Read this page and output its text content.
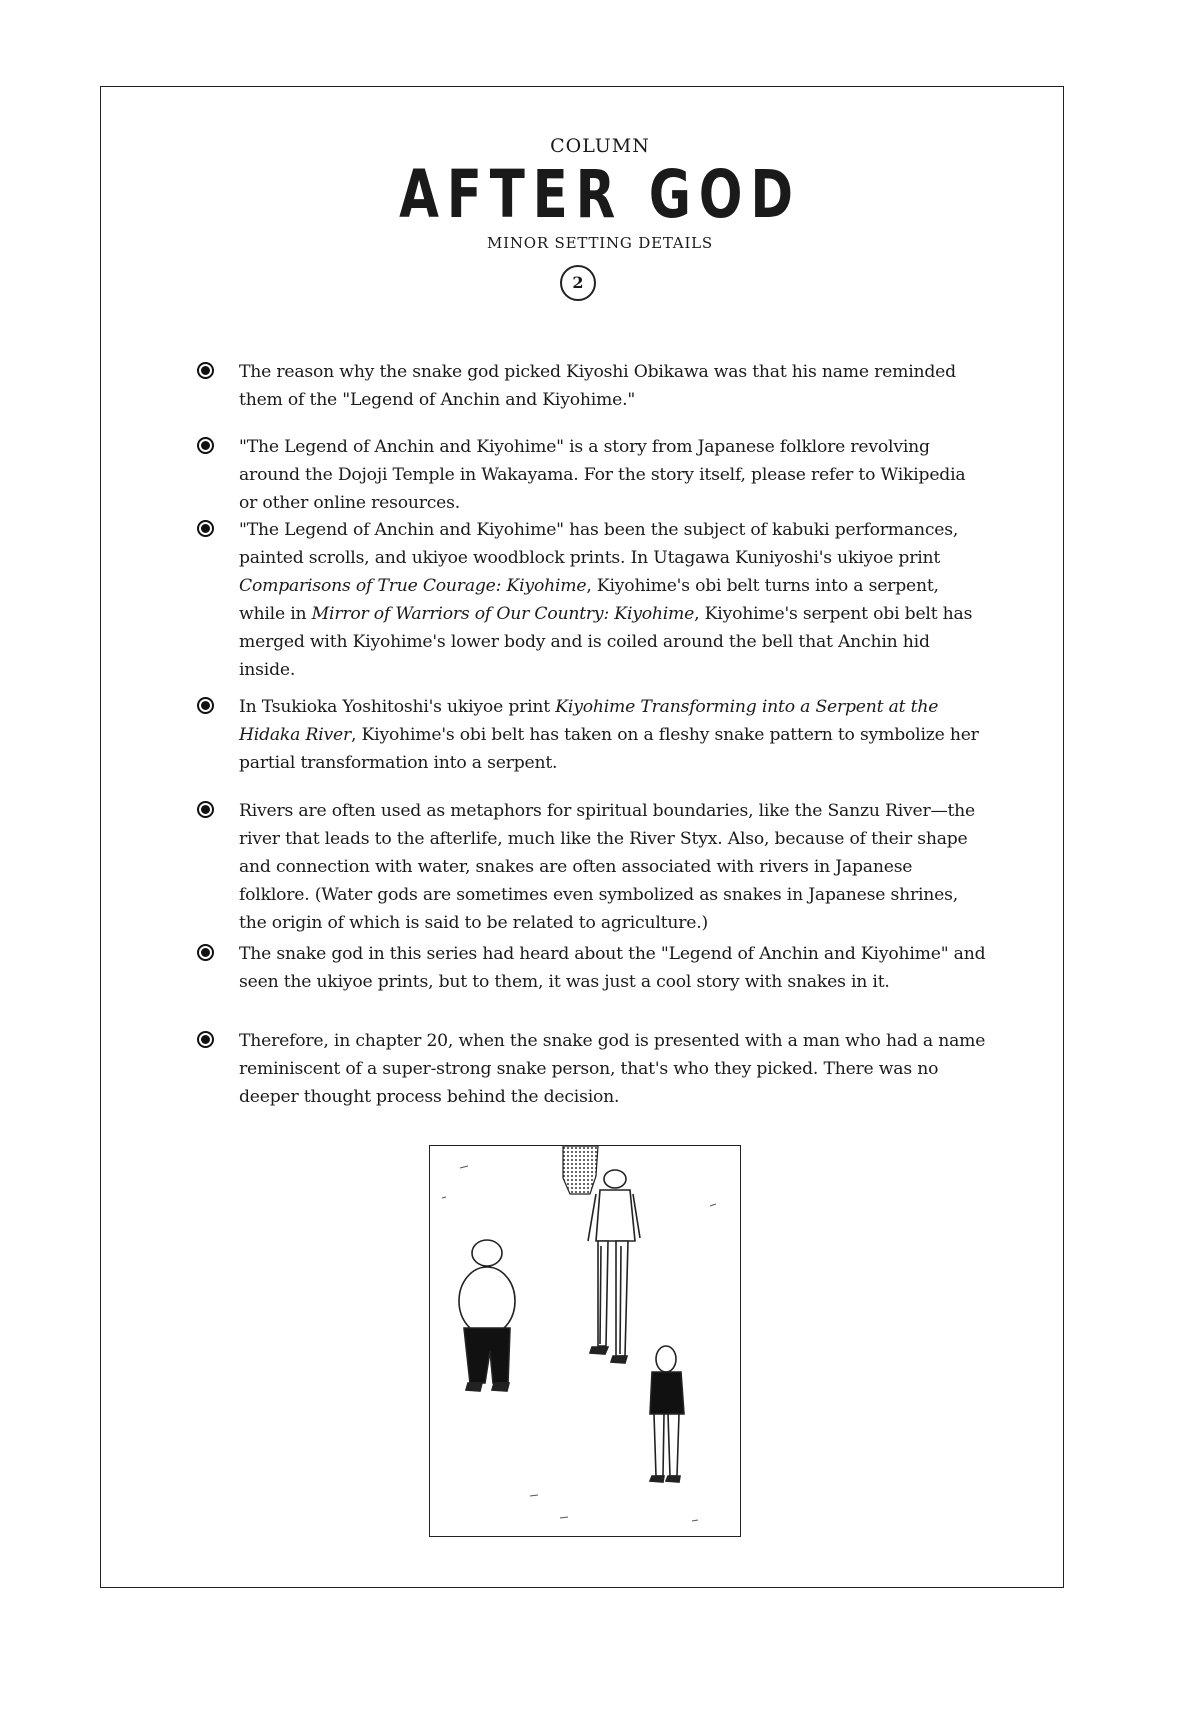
COLUMN
AFTER GOD
MINOR SETTING DETAILS
2
The reason why the snake god picked Kiyoshi Obikawa was that his name reminded them of the "Legend of Anchin and Kiyohime."
"The Legend of Anchin and Kiyohime" is a story from Japanese folklore revolving around the Dojoji Temple in Wakayama. For the story itself, please refer to Wikipedia or other online resources.
"The Legend of Anchin and Kiyohime" has been the subject of kabuki performances, painted scrolls, and ukiyoe woodblock prints. In Utagawa Kuniyoshi's ukiyoe print Comparisons of True Courage: Kiyohime, Kiyohime's obi belt turns into a serpent, while in Mirror of Warriors of Our Country: Kiyohime, Kiyohime's serpent obi belt has merged with Kiyohime's lower body and is coiled around the bell that Anchin hid inside.
In Tsukioka Yoshitoshi's ukiyoe print Kiyohime Transforming into a Serpent at the Hidaka River, Kiyohime's obi belt has taken on a fleshy snake pattern to symbolize her partial transformation into a serpent.
Rivers are often used as metaphors for spiritual boundaries, like the Sanzu River—the river that leads to the afterlife, much like the River Styx. Also, because of their shape and connection with water, snakes are often associated with rivers in Japanese folklore. (Water gods are sometimes even symbolized as snakes in Japanese shrines, the origin of which is said to be related to agriculture.)
The snake god in this series had heard about the "Legend of Anchin and Kiyohime" and seen the ukiyoe prints, but to them, it was just a cool story with snakes in it.
Therefore, in chapter 20, when the snake god is presented with a man who had a name reminiscent of a super-strong snake person, that's who they picked. There was no deeper thought process behind the decision.
